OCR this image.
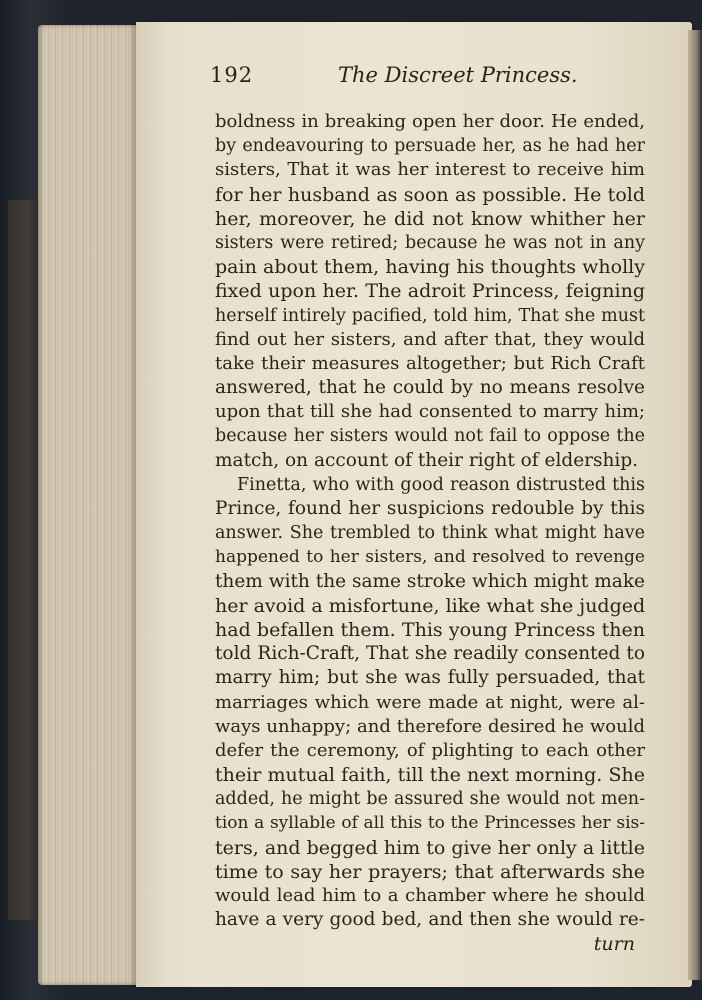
192	The Discreet Princess.
boldness in breaking open her door. He ended,
by endeavouring to persuade her, as he had her
sisters, That it was her interest to receive him
for her husband as soon as possible. He told
her, moreover, he did not know whither her
sisters were retired; because he was not in any
pain about them, having his thoughts wholly
fixed upon her. The adroit Princess, feigning
herself intirely pacified, told him, That she must
find out her sisters, and after that, they would
take their measures altogether; but Rich Craft
answered, that he could by no means resolve
upon that till she had consented to marry him;
because her sisters would not fail to oppose the
match, on account of their right of eldership.
Finetta, who with good reason distrusted this
Prince, found her suspicions redouble by this
answer. She trembled to think what might have
happened to her sisters, and resolved to revenge
them with the same stroke which might make
her avoid a misfortune, like what she judged
had befallen them. This young Princess then
told Rich-Craft, That she readily consented to
marry him; but she was fully persuaded, that
marriages which were made at night, were al-
ways unhappy; and therefore desired he would
defer the ceremony, of plighting to each other
their mutual faith, till the next morning. She
added, he might be assured she would not men-
tion a syllable of all this to the Princesses her sis-
ters, and begged him to give her only a little
time to say her prayers; that afterwards she
would lead him to a chamber where he should
have a very good bed, and then she would re-
turn
